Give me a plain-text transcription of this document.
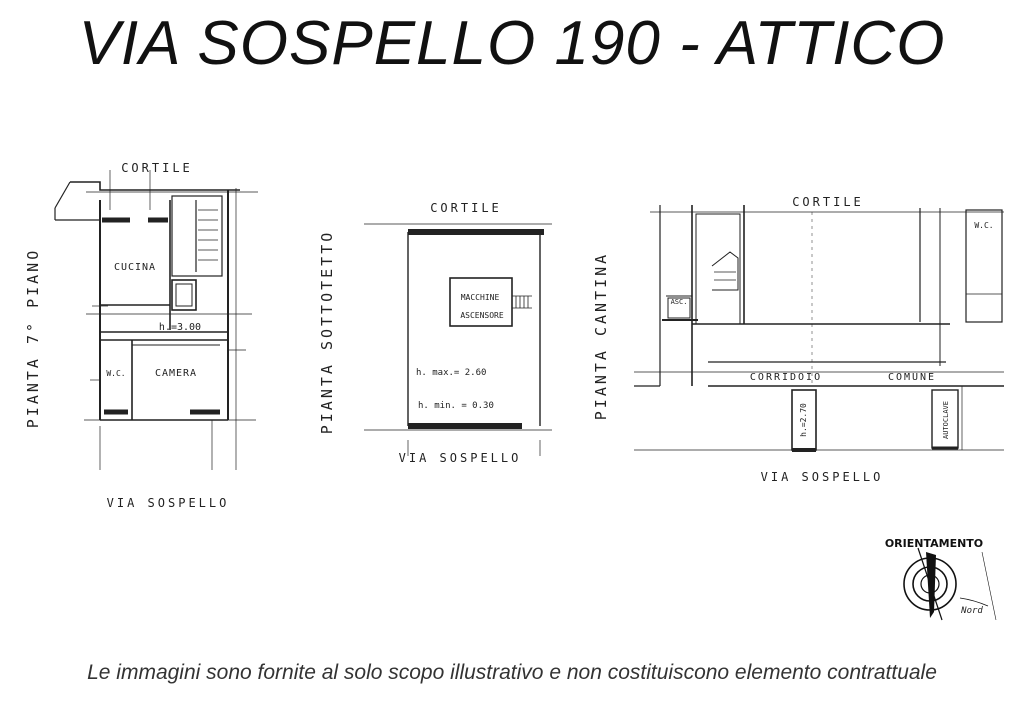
VIA SOSPELLO 190 - ATTICO
CORTILE
PIANTA 7° PIANO	CUCINA
h.=3.00
W.C.	CAMERA
VIA SOSPELLO
CORTILE
PIANTA SOTTOTETTO	MACCHINE
ASCENSORE
h. max.= 2.60
h. min. = 0.30
VIA SOSPELLO
CORTILE
PIANTA CANTINA	ASC.
W.C.
CORRIDOIO	COMUNE
h.=2.70	AUTOCLAVE
VIA SOSPELLO
ORIENTAMENTO
Nord
Le immagini sono fornite al solo scopo illustrativo e non costituiscono elemento contrattuale
